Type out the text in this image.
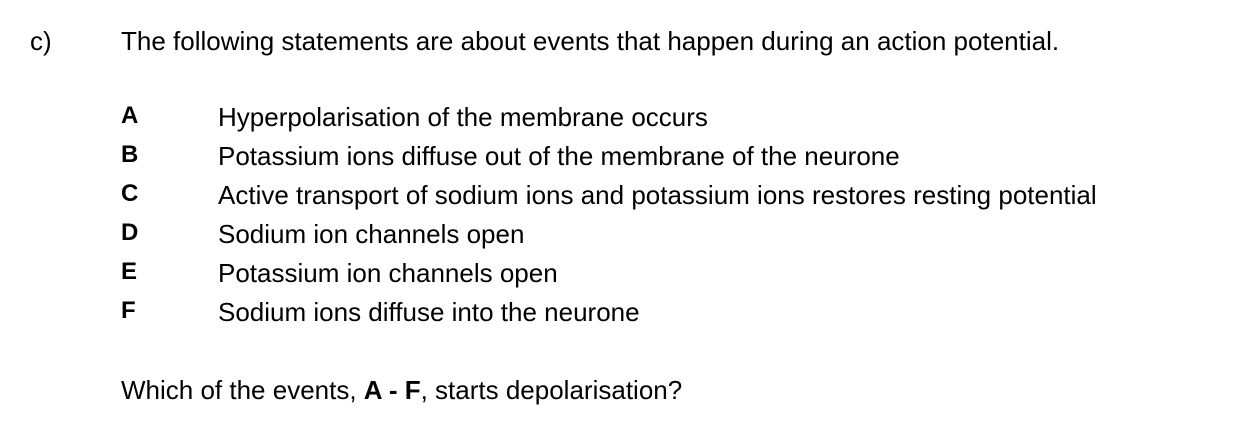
c)	The following statements are about events that happen during an action potential.
A	Hyperpolarisation of the membrane occurs
B	Potassium ions diffuse out of the membrane of the neurone
C	Active transport of sodium ions and potassium ions restores resting potential
D	Sodium ion channels open
E	Potassium ion channels open
F	Sodium ions diffuse into the neurone
Which of the events, A - F, starts depolarisation?
